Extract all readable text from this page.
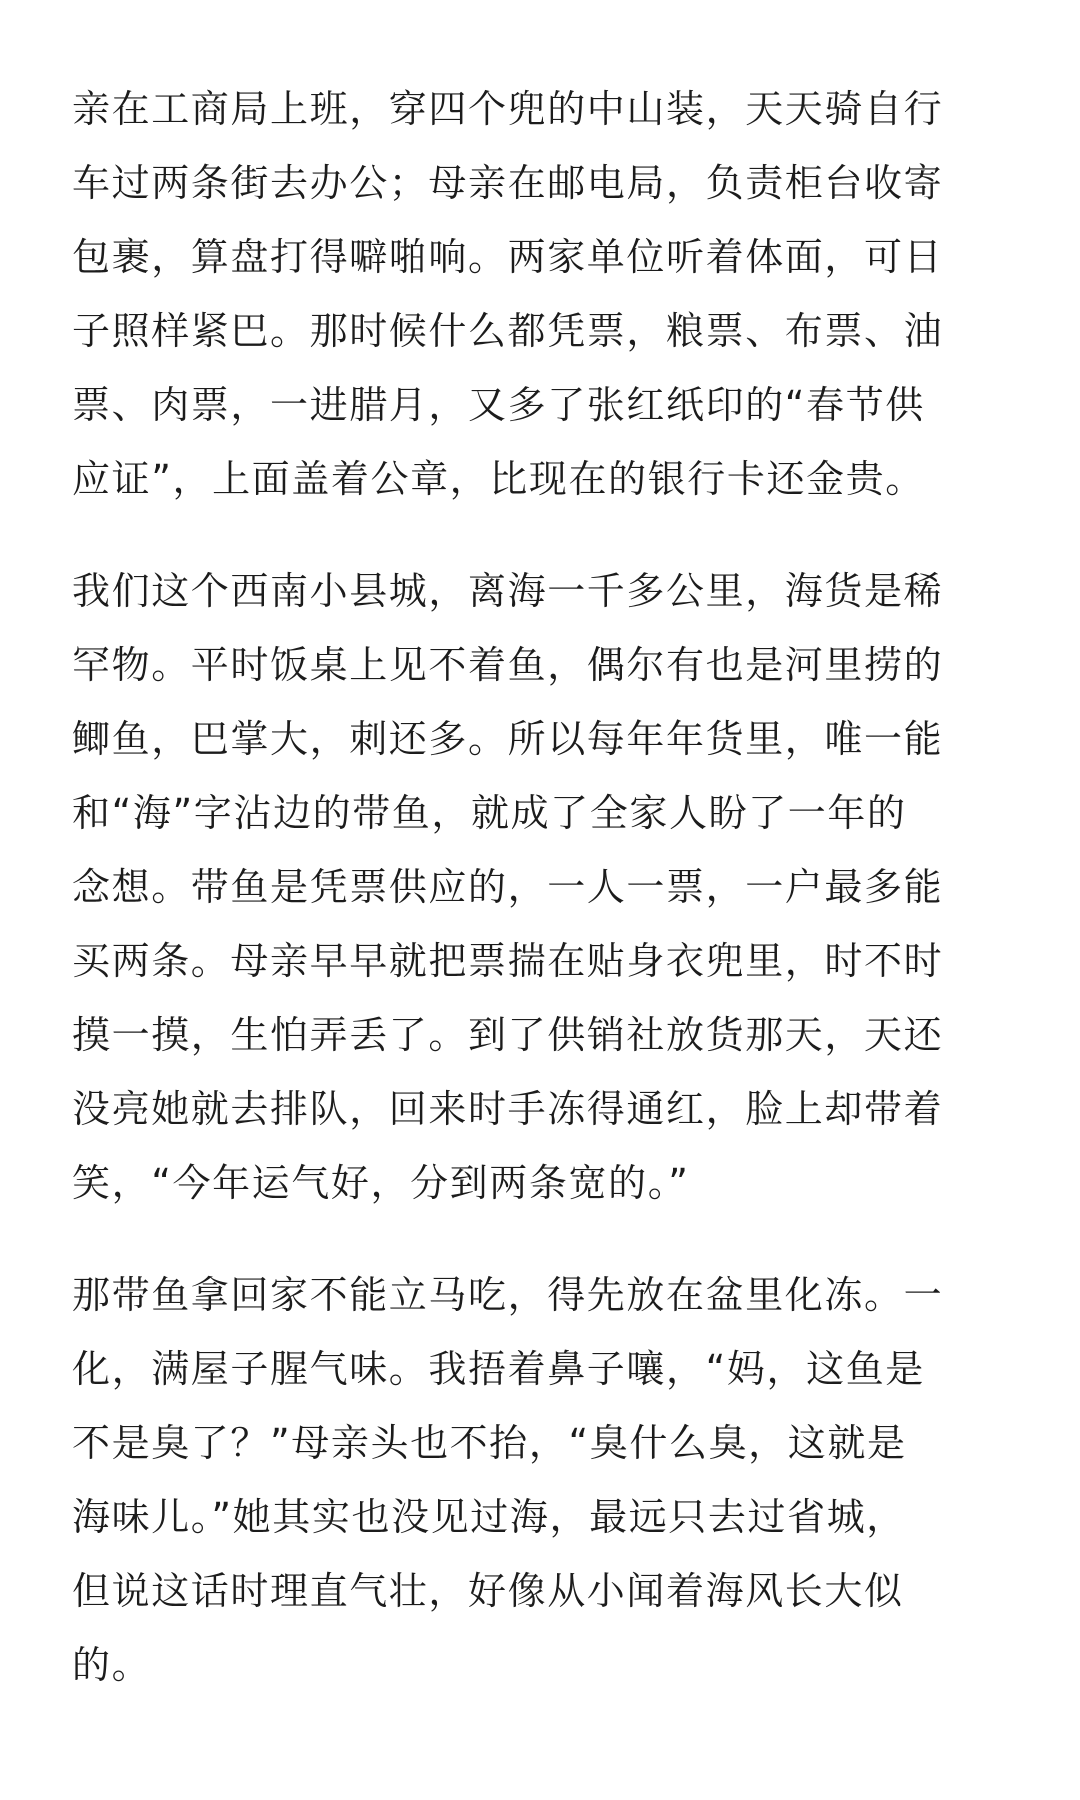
亲在工商局上班，穿四个兜的中山装，天天骑自行
车过两条街去办公；母亲在邮电局，负责柜台收寄
包裹，算盘打得噼啪响。两家单位听着体面，可日
子照样紧巴。那时候什么都凭票，粮票、布票、油
票、肉票，一进腊月，又多了张红纸印的“春节供
应证”，上面盖着公章，比现在的银行卡还金贵。
我们这个西南小县城，离海一千多公里，海货是稀
罕物。平时饭桌上见不着鱼，偶尔有也是河里捞的
鲫鱼，巴掌大，刺还多。所以每年年货里，唯一能
和“海”字沾边的带鱼，就成了全家人盼了一年的
念想。带鱼是凭票供应的，一人一票，一户最多能
买两条。母亲早早就把票揣在贴身衣兜里，时不时
摸一摸，生怕弄丢了。到了供销社放货那天，天还
没亮她就去排队，回来时手冻得通红，脸上却带着
笑，“今年运气好，分到两条宽的。”
那带鱼拿回家不能立马吃，得先放在盆里化冻。一
化，满屋子腥气味。我捂着鼻子嚷，“妈，这鱼是
不是臭了？”母亲头也不抬，“臭什么臭，这就是
海味儿。”她其实也没见过海，最远只去过省城，
但说这话时理直气壮，好像从小闻着海风长大似
的。
